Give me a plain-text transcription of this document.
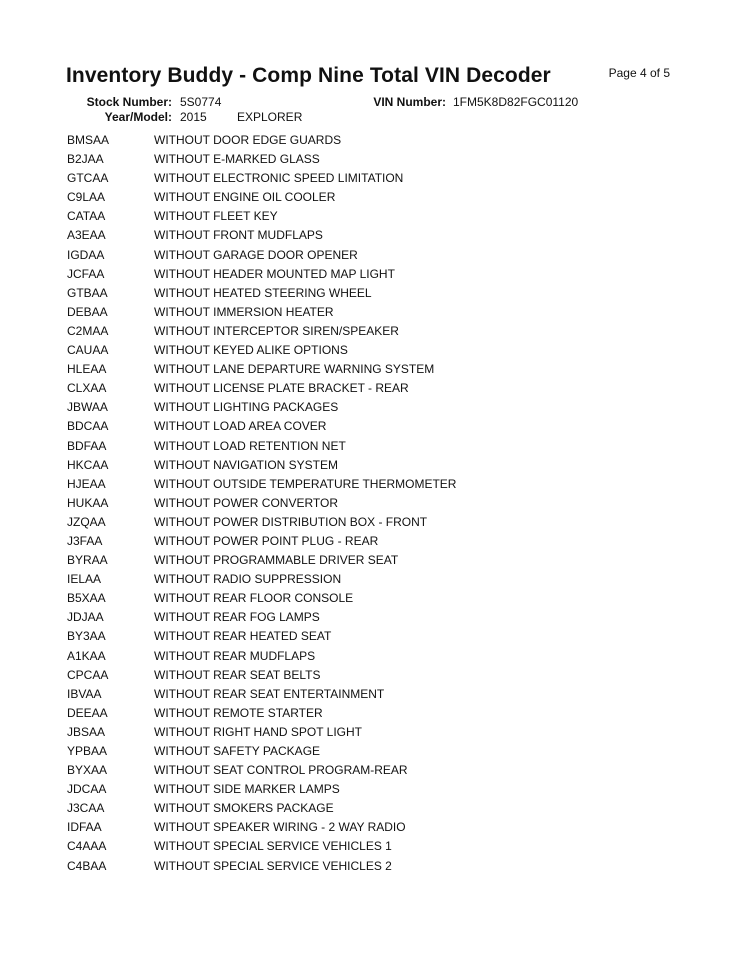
Inventory Buddy - Comp Nine Total VIN Decoder	Page 4 of 5
Stock Number: 5S0774	VIN Number: 1FM5K8D82FGC01120
Year/Model: 2015	EXPLORER
BMSAA	WITHOUT DOOR EDGE GUARDS
B2JAA	WITHOUT E-MARKED GLASS
GTCAA	WITHOUT ELECTRONIC SPEED LIMITATION
C9LAA	WITHOUT ENGINE OIL COOLER
CATAA	WITHOUT FLEET KEY
A3EAA	WITHOUT FRONT MUDFLAPS
IGDAA	WITHOUT GARAGE DOOR OPENER
JCFAA	WITHOUT HEADER MOUNTED MAP LIGHT
GTBAA	WITHOUT HEATED STEERING WHEEL
DEBAA	WITHOUT IMMERSION HEATER
C2MAA	WITHOUT INTERCEPTOR SIREN/SPEAKER
CAUAA	WITHOUT KEYED ALIKE OPTIONS
HLEAA	WITHOUT LANE DEPARTURE WARNING SYSTEM
CLXAA	WITHOUT LICENSE PLATE BRACKET - REAR
JBWAA	WITHOUT LIGHTING PACKAGES
BDCAA	WITHOUT LOAD AREA COVER
BDFAA	WITHOUT LOAD RETENTION NET
HKCAA	WITHOUT NAVIGATION SYSTEM
HJEAA	WITHOUT OUTSIDE TEMPERATURE THERMOMETER
HUKAA	WITHOUT POWER CONVERTOR
JZQAA	WITHOUT POWER DISTRIBUTION BOX - FRONT
J3FAA	WITHOUT POWER POINT PLUG - REAR
BYRAA	WITHOUT PROGRAMMABLE DRIVER SEAT
IELAA	WITHOUT RADIO SUPPRESSION
B5XAA	WITHOUT REAR FLOOR CONSOLE
JDJAA	WITHOUT REAR FOG LAMPS
BY3AA	WITHOUT REAR HEATED SEAT
A1KAA	WITHOUT REAR MUDFLAPS
CPCAA	WITHOUT REAR SEAT BELTS
IBVAA	WITHOUT REAR SEAT ENTERTAINMENT
DEEAA	WITHOUT REMOTE STARTER
JBSAA	WITHOUT RIGHT HAND SPOT LIGHT
YPBAA	WITHOUT SAFETY PACKAGE
BYXAA	WITHOUT SEAT CONTROL PROGRAM-REAR
JDCAA	WITHOUT SIDE MARKER LAMPS
J3CAA	WITHOUT SMOKERS PACKAGE
IDFAA	WITHOUT SPEAKER WIRING - 2 WAY RADIO
C4AAA	WITHOUT SPECIAL SERVICE VEHICLES 1
C4BAA	WITHOUT SPECIAL SERVICE VEHICLES 2
